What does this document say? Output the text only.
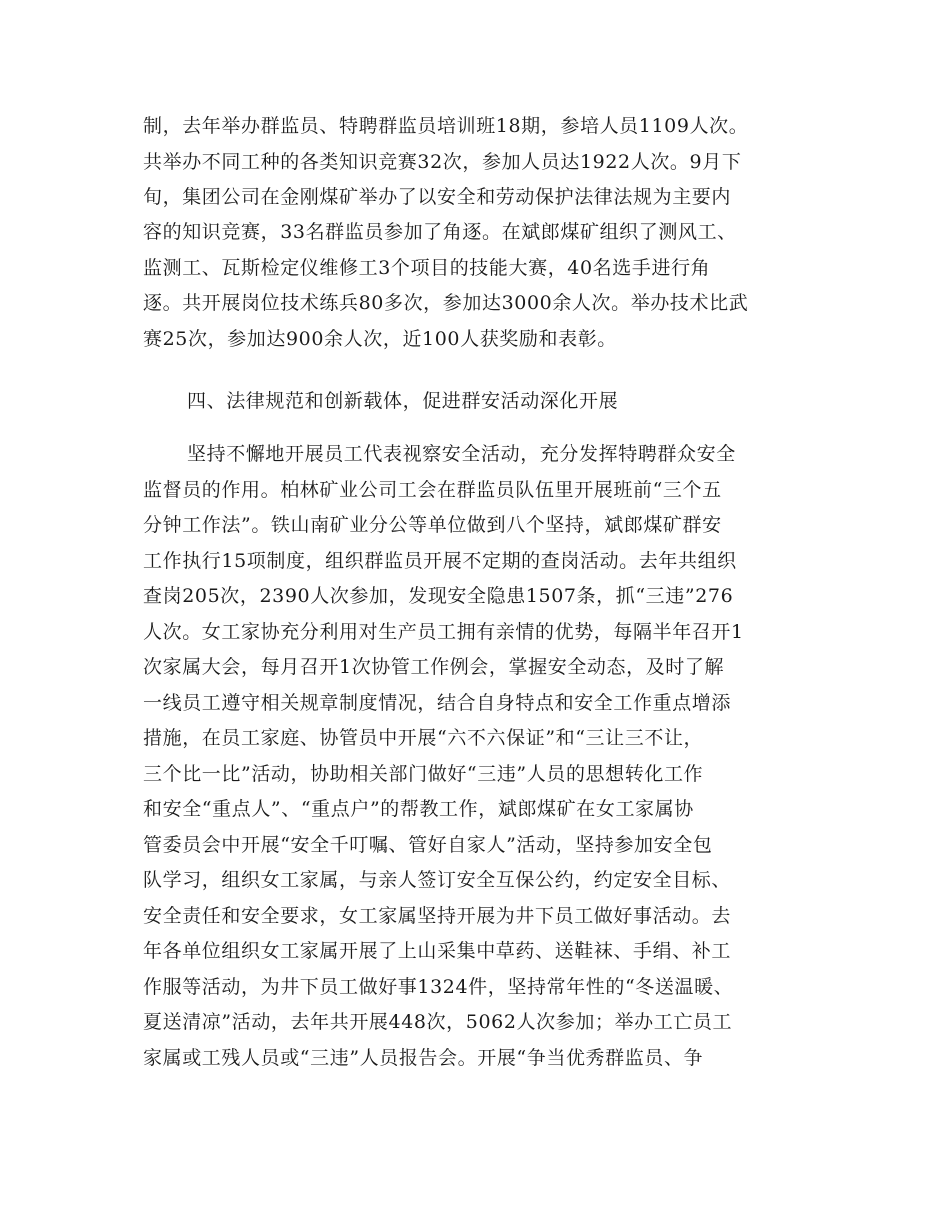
制，去年举办群监员、特聘群监员培训班18期，参培人员1109人次。
共举办不同工种的各类知识竞赛32次，参加人员达1922人次。9月下
旬，集团公司在金刚煤矿举办了以安全和劳动保护法律法规为主要内
容的知识竞赛，33名群监员参加了角逐。在斌郎煤矿组织了测风工、
监测工、瓦斯检定仪维修工3个项目的技能大赛，40名选手进行角
逐。共开展岗位技术练兵80多次，参加达3000余人次。举办技术比武
赛25次，参加达900余人次，近100人获奖励和表彰。
四、法律规范和创新载体，促进群安活动深化开展
坚持不懈地开展员工代表视察安全活动，充分发挥特聘群众安全
监督员的作用。柏林矿业公司工会在群监员队伍里开展班前“三个五
分钟工作法”。铁山南矿业分公等单位做到八个坚持，斌郎煤矿群安
工作执行15项制度，组织群监员开展不定期的查岗活动。去年共组织
查岗205次，2390人次参加，发现安全隐患1507条，抓“三违”276
人次。女工家协充分利用对生产员工拥有亲情的优势，每隔半年召开1
次家属大会，每月召开1次协管工作例会，掌握安全动态，及时了解
一线员工遵守相关规章制度情况，结合自身特点和安全工作重点增添
措施，在员工家庭、协管员中开展“六不六保证”和“三让三不让，
三个比一比”活动，协助相关部门做好“三违”人员的思想转化工作
和安全“重点人”、“重点户”的帮教工作，斌郎煤矿在女工家属协
管委员会中开展“安全千叮嘱、管好自家人”活动，坚持参加安全包
队学习，组织女工家属，与亲人签订安全互保公约，约定安全目标、
安全责任和安全要求，女工家属坚持开展为井下员工做好事活动。去
年各单位组织女工家属开展了上山采集中草药、送鞋袜、手绢、补工
作服等活动，为井下员工做好事1324件，坚持常年性的“冬送温暖、
夏送清凉”活动，去年共开展448次，5062人次参加；举办工亡员工
家属或工残人员或“三违”人员报告会。开展“争当优秀群监员、争
